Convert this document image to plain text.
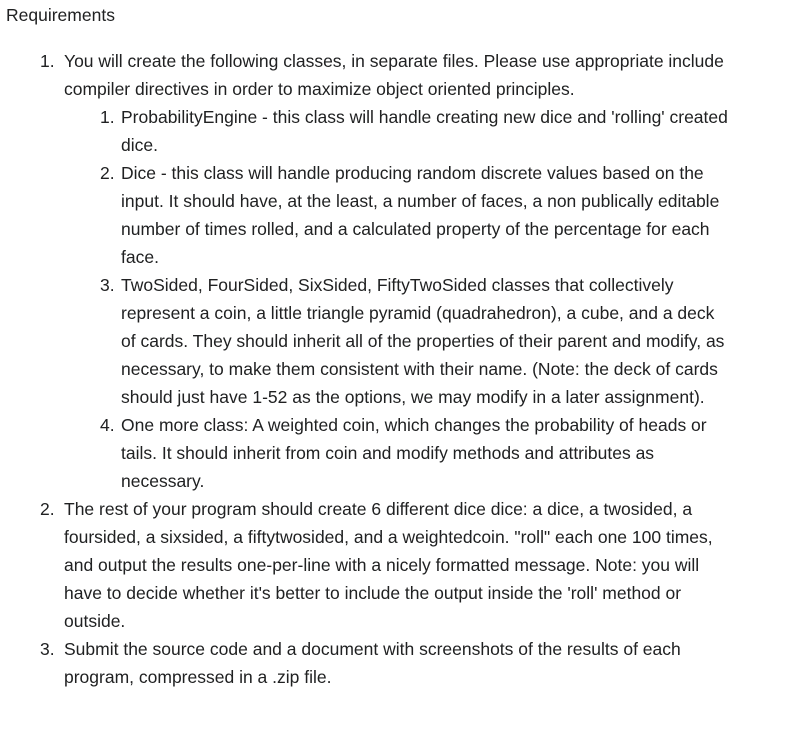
Requirements
1. You will create the following classes, in separate files. Please use appropriate include compiler directives in order to maximize object oriented principles.
1. ProbabilityEngine - this class will handle creating new dice and 'rolling' created dice.
2. Dice - this class will handle producing random discrete values based on the input. It should have, at the least, a number of faces, a non publically editable number of times rolled, and a calculated property of the percentage for each face.
3. TwoSided, FourSided, SixSided, FiftyTwoSided classes that collectively represent a coin, a little triangle pyramid (quadrahedron), a cube, and a deck of cards. They should inherit all of the properties of their parent and modify, as necessary, to make them consistent with their name. (Note: the deck of cards should just have 1-52 as the options, we may modify in a later assignment).
4. One more class: A weighted coin, which changes the probability of heads or tails. It should inherit from coin and modify methods and attributes as necessary.
2. The rest of your program should create 6 different dice dice: a dice, a twosided, a foursided, a sixsided, a fiftytwosided, and a weightedcoin. "roll" each one 100 times, and output the results one-per-line with a nicely formatted message. Note: you will have to decide whether it's better to include the output inside the 'roll' method or outside.
3. Submit the source code and a document with screenshots of the results of each program, compressed in a .zip file.
